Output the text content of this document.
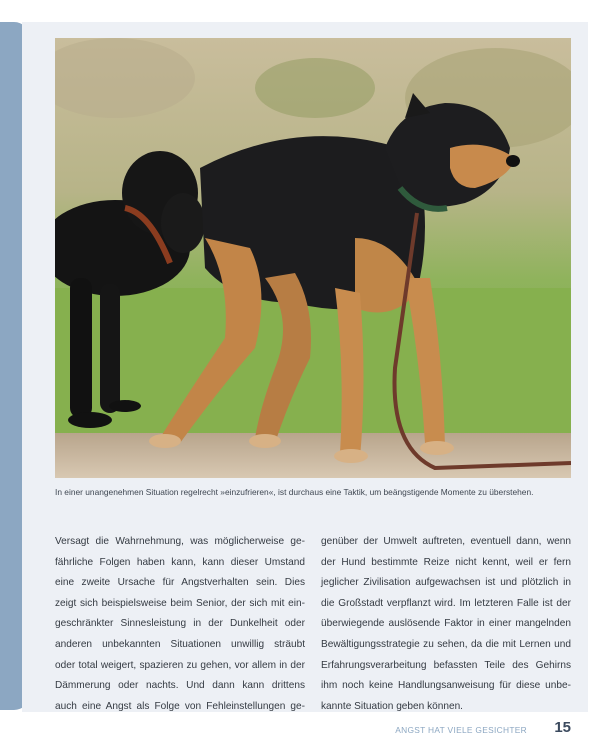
In einer unangenehmen Situation regelrecht »einzufrieren«, ist durchaus eine Taktik, um beängstigende Momente zu überstehen.
Versagt die Wahrnehmung, was möglicherweise ge-
fährliche Folgen haben kann, kann dieser Umstand
eine zweite Ursache für Angstverhalten sein. Dies
zeigt sich beispielsweise beim Senior, der sich mit ein-
geschränkter Sinnesleistung in der Dunkelheit oder
anderen unbekannten Situationen unwillig sträubt
oder total weigert, spazieren zu gehen, vor allem in der
Dämmerung oder nachts. Und dann kann drittens
auch eine Angst als Folge von Fehleinstellungen ge-
genüber der Umwelt auftreten, eventuell dann, wenn
der Hund bestimmte Reize nicht kennt, weil er fern
jeglicher Zivilisation aufgewachsen ist und plötzlich in
die Großstadt verpflanzt wird. Im letzteren Falle ist der
überwiegende auslösende Faktor in einer mangelnden
Bewältigungsstrategie zu sehen, da die mit Lernen und
Erfahrungsverarbeitung befassten Teile des Gehirns
ihm noch keine Handlungsanweisung für diese unbe-
kannte Situation geben können.
ANGST HAT VIELE GESICHTER 15
